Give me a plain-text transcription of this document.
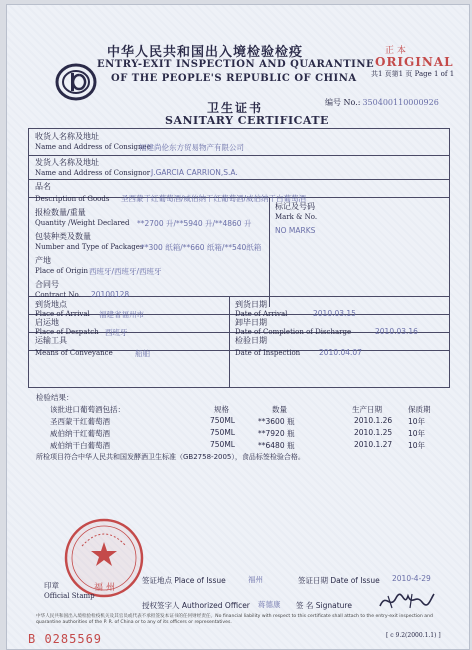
中华人民共和国出入境检验检疫
ENTRY-EXIT INSPECTION AND QUARANTINE
OF THE PEOPLE'S REPUBLIC OF CHINA
正 本
ORIGINAL
共1 页第1 页 Page 1 of 1
卫生证书
SANITARY CERTIFICATE
编号 No.: 350400110000926
收货人名称及地址
Name and Address of Consignee
福建尚伦东方贸易物产有限公司
发货人名称及地址
Name and Address of Consignor J.GARCIA CARRION,S.A.
品名
Description of Goods 圣西蒙干红葡萄酒/威伯纳干红葡萄酒/威伯纳干白葡萄酒
报检数量/重量
Quantity /Weight Declared **2700 升/**5940 升/**4860 升
标记及号码
Mark & No.
NO MARKS
包装种类及数量
Number and Type of Packages
**300 纸箱/**660 纸箱/**540纸箱
产地
Place of Origin 西班牙/西班牙/西班牙
合同号
Contract No. 20100128
到货地点
Place of Arrival 福建省福州市
到货日期
Date of Arrival	2010.03.15
启运地
Place of Despatch 西班牙
卸毕日期
Date of Completion of Discharge	2010.03.16
运输工具
Means of Conveyance	船舶
检验日期
Date of Inspection	2010.04.07
检验结果：
该批进口葡萄酒包括：	规格	数量	生产日期	保质期
圣西蒙干红葡萄酒	750ML	**3600 瓶	2010.1.26 10年
威伯纳干红葡萄酒	750ML	**7920 瓶	2010.1.25 10年
威伯纳干白葡萄酒	750ML	**6480 瓶	2010.1.27 10年
所检项目符合中华人民共和国发酵酒卫生标准（GB2758-2005），食品标签检验合格。
福州
印章
Official Stamp
签证地点 Place of Issue	福州	签证日期 Date of Issue 2010-4-29
授权签字人 Authorized Officer 蒋德康 签 名 Signature
中华人民共和国出入境检验检疫机关及其官员或代表不承担签发本证书的任何财经责任。No financial liability with respect to this certificate shall attach to the entry-exit inspection and quarantine authorities of the P. R. of China or to any of its officers or representatives.
B 0285569	[ c 9.2(2000.1.1) ]
